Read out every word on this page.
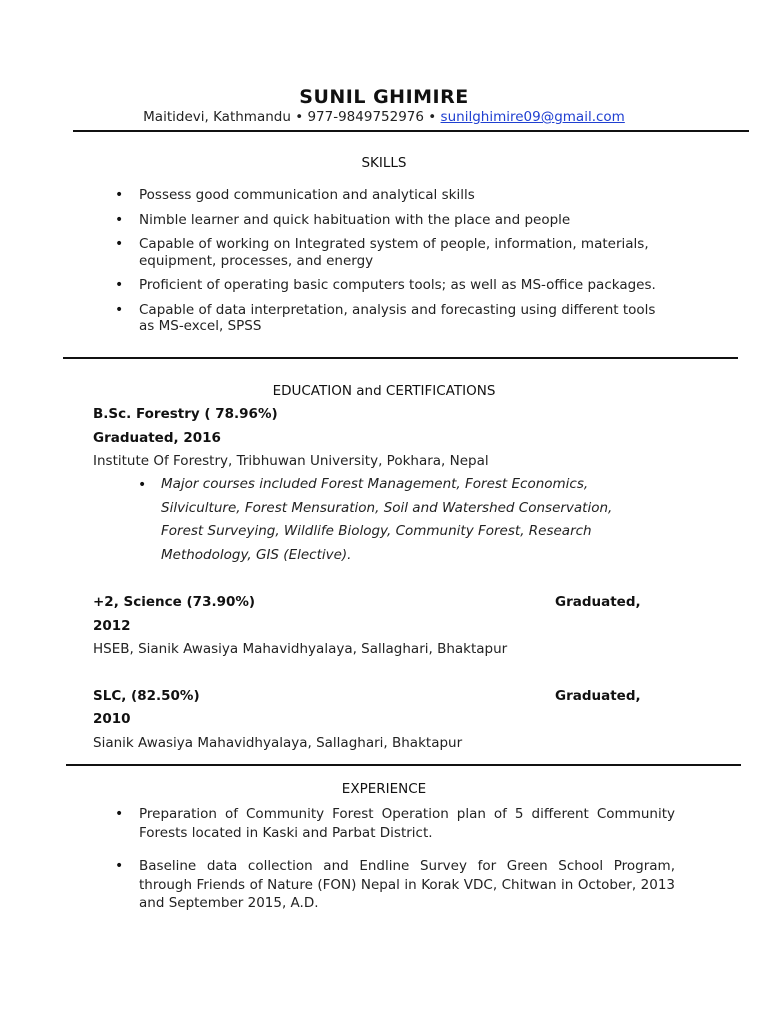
SUNIL GHIMIRE
Maitidevi, Kathmandu • 977-9849752976 • sunilghimire09@gmail.com
SKILLS
• Possess good communication and analytical skills
• Nimble learner and quick habituation with the place and people
• Capable of working on Integrated system of people, information, materials, equipment, processes, and energy
• Proficient of operating basic computers tools; as well as MS-office packages.
• Capable of data interpretation, analysis and forecasting using different tools as MS-excel, SPSS
EDUCATION and CERTIFICATIONS
B.Sc. Forestry ( 78.96%)
Graduated, 2016
Institute Of Forestry, Tribhuwan University, Pokhara, Nepal
• Major courses included Forest Management, Forest Economics, Silviculture, Forest Mensuration, Soil and Watershed Conservation, Forest Surveying, Wildlife Biology, Community Forest, Research Methodology, GIS (Elective).
+2, Science (73.90%)	Graduated,
2012
HSEB, Sianik Awasiya Mahavidhyalaya, Sallaghari, Bhaktapur
SLC, (82.50%)	Graduated,
2010
Sianik Awasiya Mahavidhyalaya, Sallaghari, Bhaktapur
EXPERIENCE
• Preparation of Community Forest Operation plan of 5 different Community Forests located in Kaski and Parbat District.
• Baseline data collection and Endline Survey for Green School Program, through Friends of Nature (FON) Nepal in Korak VDC, Chitwan in October, 2013 and September 2015, A.D.
